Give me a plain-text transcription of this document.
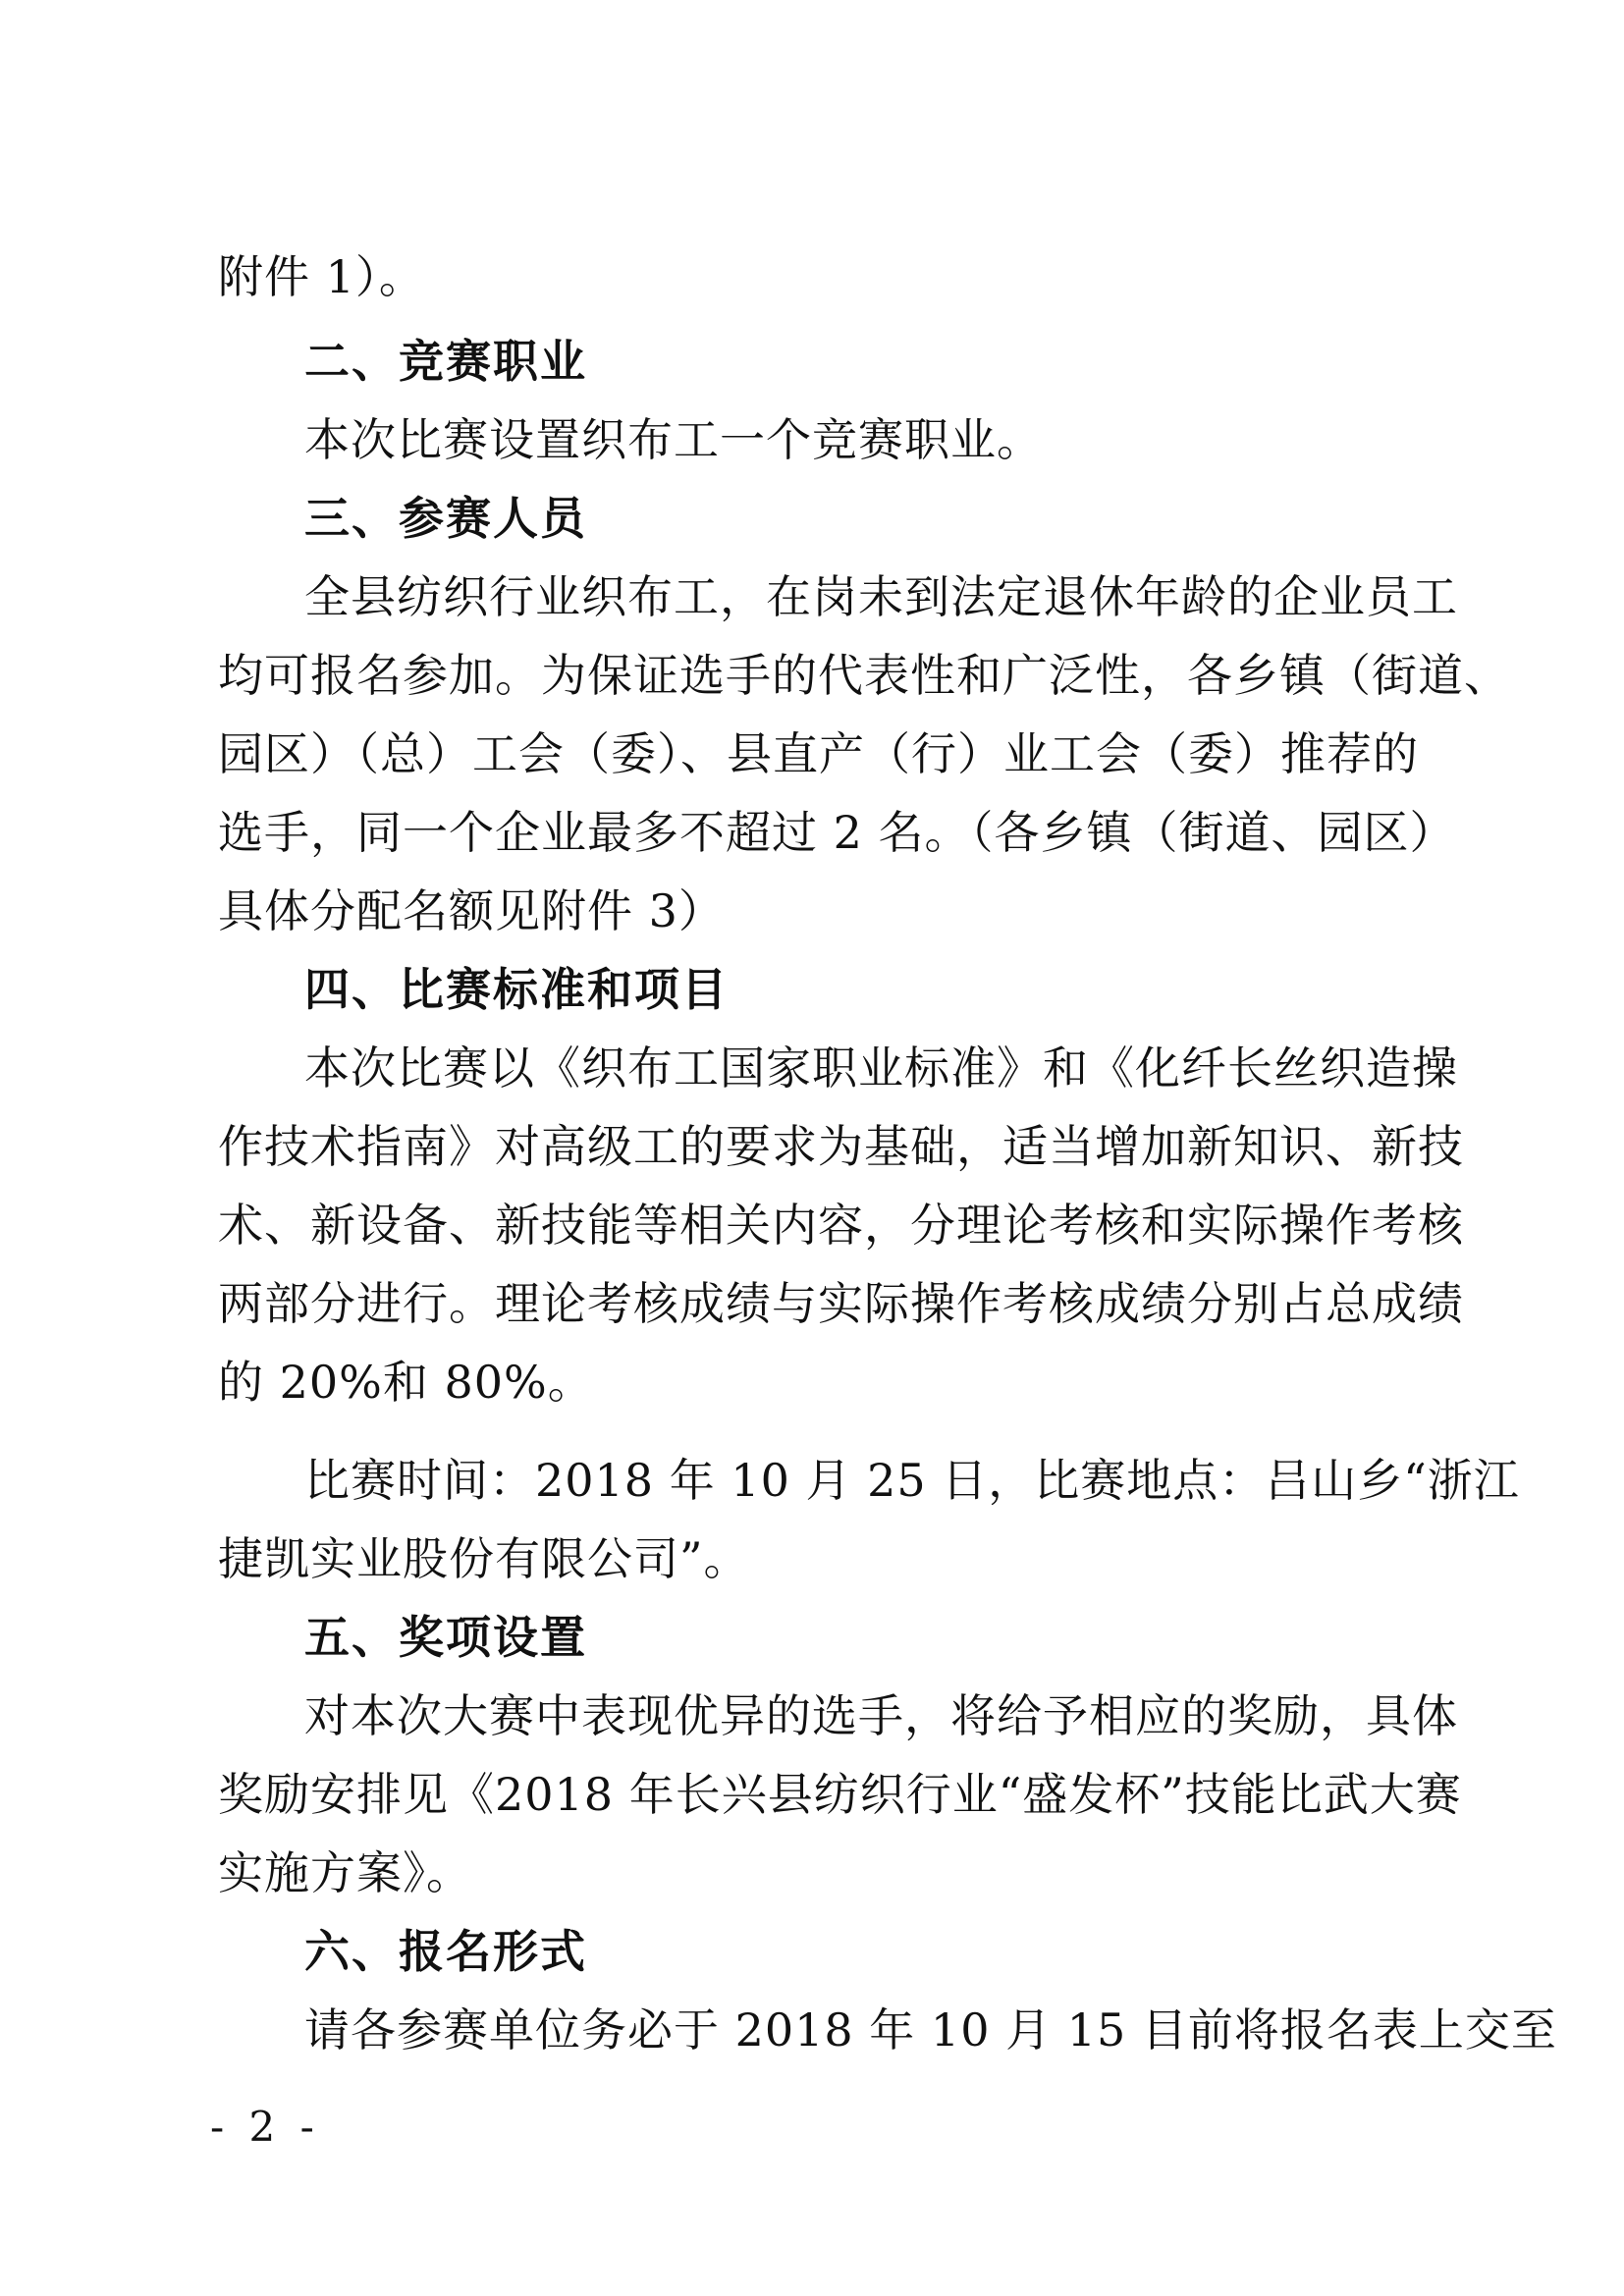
附件 1）。
二、竞赛职业
本次比赛设置织布工一个竞赛职业。
三、参赛人员
全县纺织行业织布工，在岗未到法定退休年龄的企业员工
均可报名参加。为保证选手的代表性和广泛性，各乡镇（街道、
园区）（总）工会（委）、县直产（行）业工会（委）推荐的
选手，同一个企业最多不超过 2 名。（各乡镇（街道、园区）
具体分配名额见附件 3）
四、比赛标准和项目
本次比赛以《织布工国家职业标准》和《化纤长丝织造操
作技术指南》对高级工的要求为基础，适当增加新知识、新技
术、新设备、新技能等相关内容，分理论考核和实际操作考核
两部分进行。理论考核成绩与实际操作考核成绩分别占总成绩
的 20%和 80%。
比赛时间：2018 年 10 月 25 日，比赛地点：吕山乡“浙江
捷凯实业股份有限公司”。
五、奖项设置
对本次大赛中表现优异的选手，将给予相应的奖励，具体
奖励安排见《2018 年长兴县纺织行业“盛发杯”技能比武大赛
实施方案》。
六、报名形式
请各参赛单位务必于 2018 年 10 月 15 目前将报名表上交至
- 2 -
